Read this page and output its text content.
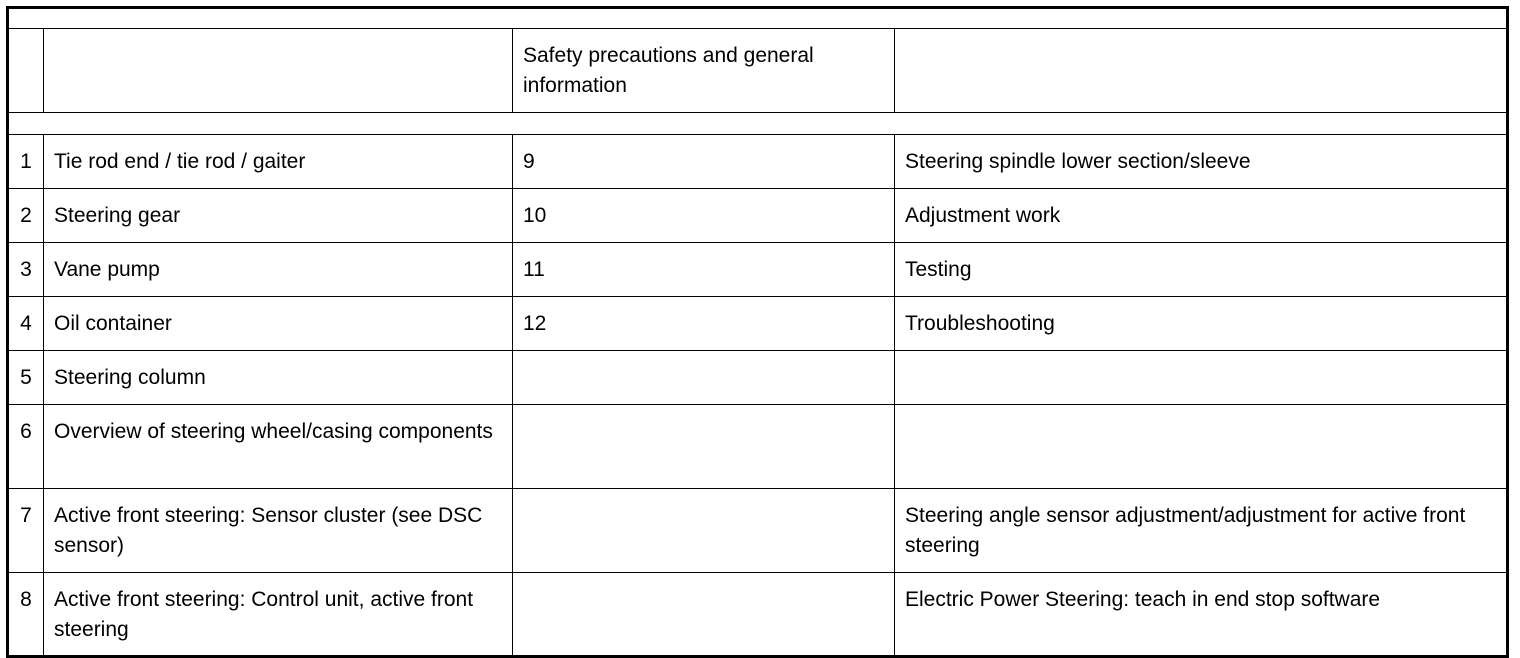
		Safety precautions and general information	

1	Tie rod end / tie rod / gaiter	9	Steering spindle lower section/sleeve
2	Steering gear	10	Adjustment work
3	Vane pump	11	Testing
4	Oil container	12	Troubleshooting
5	Steering column		
6	Overview of steering wheel/casing components		
7	Active front steering: Sensor cluster (see DSC sensor)		Steering angle sensor adjustment/adjustment for active front steering
8	Active front steering: Control unit, active front steering		Electric Power Steering: teach in end stop software
